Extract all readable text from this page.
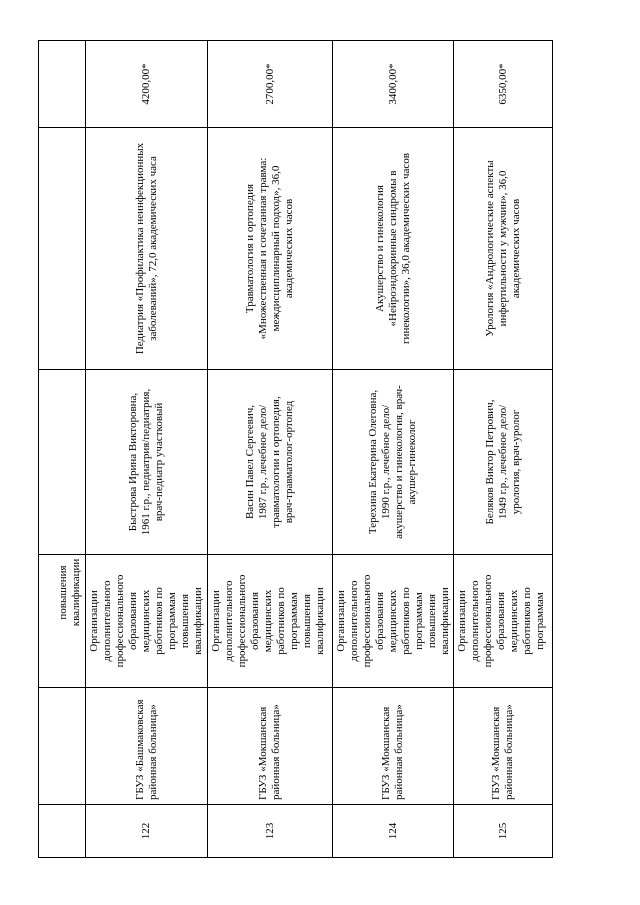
повышения квалификации
122
ГБУЗ «Башмаковская районная больница»
Организации дополнительного профессионального образования медицинских работников по программам повышения квалификации
Быстрова Ирина Викторовна, 1961 г.р., педиатрия/педиатрия, врач-педиатр участковый
Педиатрия «Профилактика неинфекционных заболеваний», 72,0 академических часа
4200,00*
123
ГБУЗ «Мокшанская районная больница»
Организации дополнительного профессионального образования медицинских работников по программам повышения квалификации
Васин Павел Сергеевич, 1987 г.р., лечебное дело/ травматологии и ортопедия, врач-травматолог-ортопед
Травматология и ортопедия «Множественная и сочетанная травма: междисциплинарный подход», 36,0 академических часов
2700,00*
124
ГБУЗ «Мокшанская районная больница»
Организации дополнительного профессионального образования медицинских работников по программам повышения квалификации
Терехина Екатерина Олеговна, 1990 г.р., лечебное дело/ акушерство и гинекология, врач- акушер-гинеколог
Акушерство и гинекология «Нейроэндокринные синдромы в гинекологии», 36,0 академических часов
3400,00*
125
ГБУЗ «Мокшанская районная больница»
Организации дополнительного профессионального образования медицинских работников по программам
Беляков Виктор Петрович, 1949 г.р., лечебное дело/ урология, врач-уролог
Урология «Андрологические аспекты инфертильности у мужчин», 36,0 академических часов
6350,00*
